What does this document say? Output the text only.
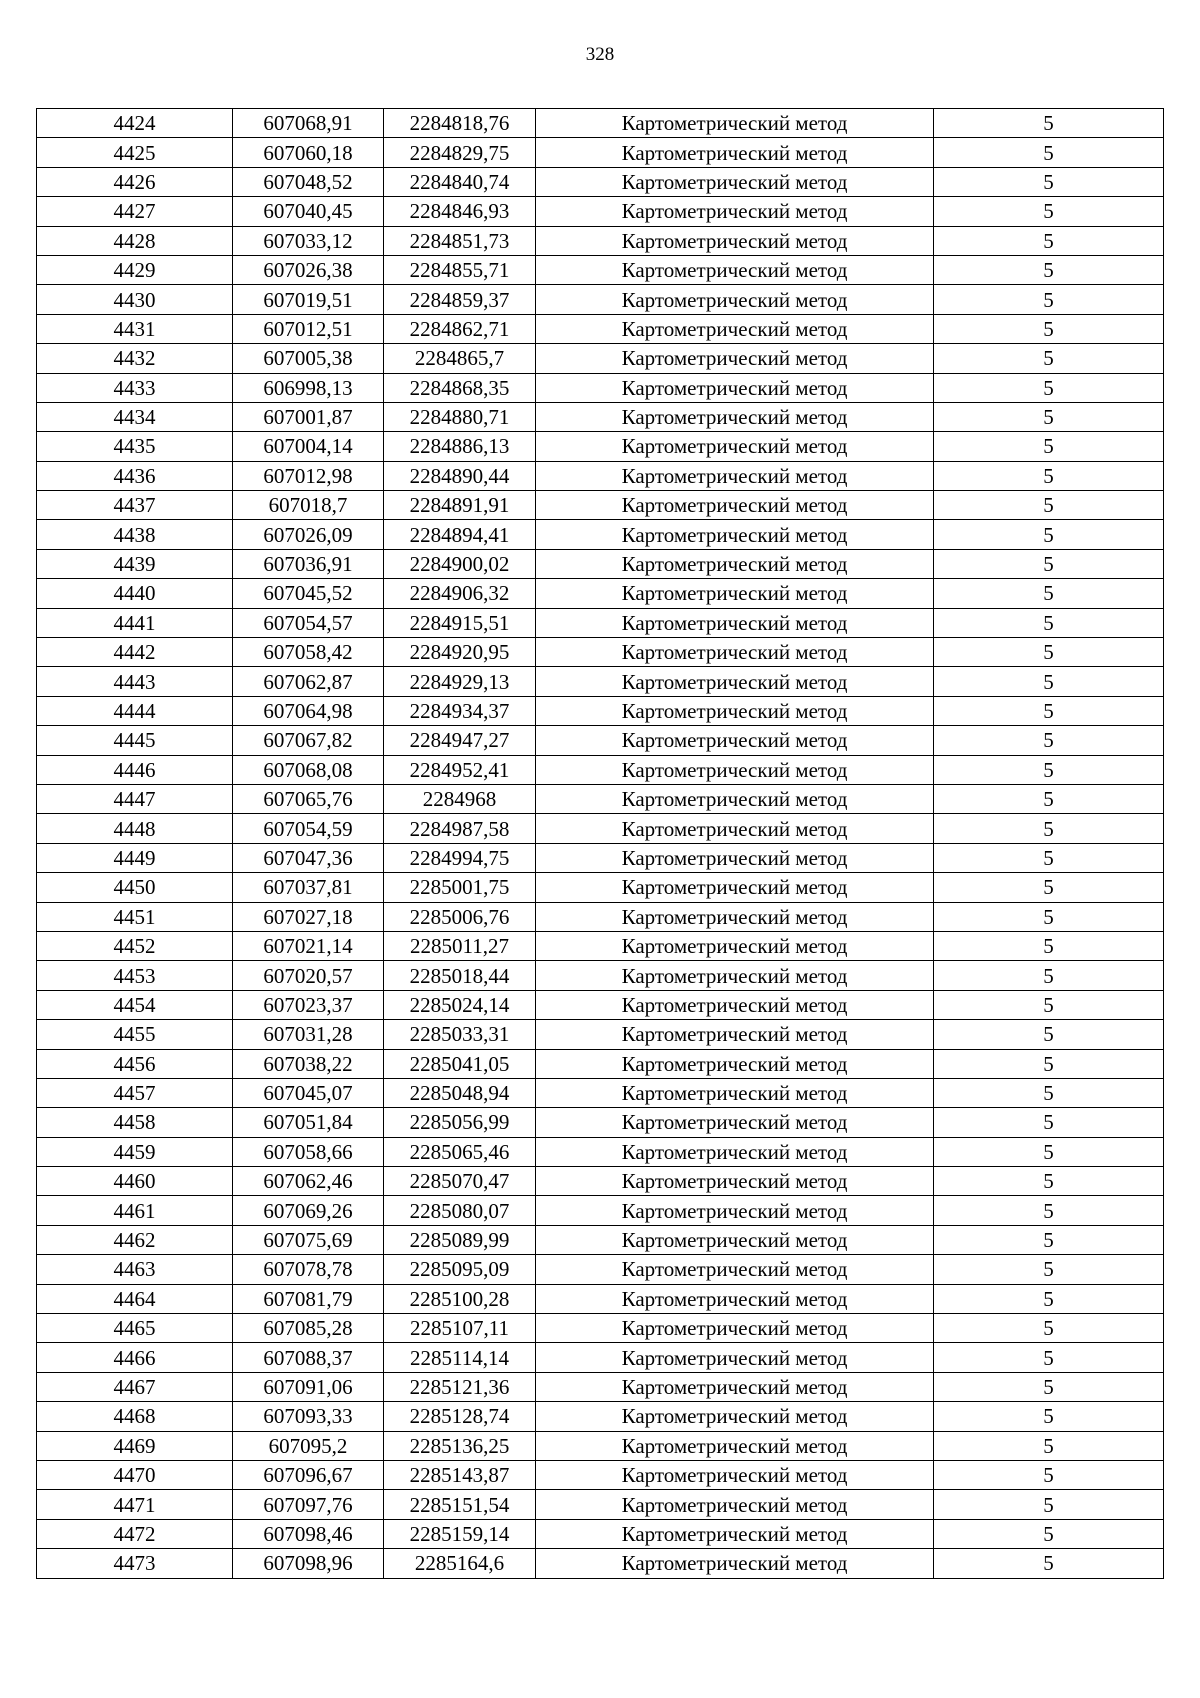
328
4424	607068,91	2284818,76	Картометрический метод	5
4425	607060,18	2284829,75	Картометрический метод	5
4426	607048,52	2284840,74	Картометрический метод	5
4427	607040,45	2284846,93	Картометрический метод	5
4428	607033,12	2284851,73	Картометрический метод	5
4429	607026,38	2284855,71	Картометрический метод	5
4430	607019,51	2284859,37	Картометрический метод	5
4431	607012,51	2284862,71	Картометрический метод	5
4432	607005,38	2284865,7	Картометрический метод	5
4433	606998,13	2284868,35	Картометрический метод	5
4434	607001,87	2284880,71	Картометрический метод	5
4435	607004,14	2284886,13	Картометрический метод	5
4436	607012,98	2284890,44	Картометрический метод	5
4437	607018,7	2284891,91	Картометрический метод	5
4438	607026,09	2284894,41	Картометрический метод	5
4439	607036,91	2284900,02	Картометрический метод	5
4440	607045,52	2284906,32	Картометрический метод	5
4441	607054,57	2284915,51	Картометрический метод	5
4442	607058,42	2284920,95	Картометрический метод	5
4443	607062,87	2284929,13	Картометрический метод	5
4444	607064,98	2284934,37	Картометрический метод	5
4445	607067,82	2284947,27	Картометрический метод	5
4446	607068,08	2284952,41	Картометрический метод	5
4447	607065,76	2284968	Картометрический метод	5
4448	607054,59	2284987,58	Картометрический метод	5
4449	607047,36	2284994,75	Картометрический метод	5
4450	607037,81	2285001,75	Картометрический метод	5
4451	607027,18	2285006,76	Картометрический метод	5
4452	607021,14	2285011,27	Картометрический метод	5
4453	607020,57	2285018,44	Картометрический метод	5
4454	607023,37	2285024,14	Картометрический метод	5
4455	607031,28	2285033,31	Картометрический метод	5
4456	607038,22	2285041,05	Картометрический метод	5
4457	607045,07	2285048,94	Картометрический метод	5
4458	607051,84	2285056,99	Картометрический метод	5
4459	607058,66	2285065,46	Картометрический метод	5
4460	607062,46	2285070,47	Картометрический метод	5
4461	607069,26	2285080,07	Картометрический метод	5
4462	607075,69	2285089,99	Картометрический метод	5
4463	607078,78	2285095,09	Картометрический метод	5
4464	607081,79	2285100,28	Картометрический метод	5
4465	607085,28	2285107,11	Картометрический метод	5
4466	607088,37	2285114,14	Картометрический метод	5
4467	607091,06	2285121,36	Картометрический метод	5
4468	607093,33	2285128,74	Картометрический метод	5
4469	607095,2	2285136,25	Картометрический метод	5
4470	607096,67	2285143,87	Картометрический метод	5
4471	607097,76	2285151,54	Картометрический метод	5
4472	607098,46	2285159,14	Картометрический метод	5
4473	607098,96	2285164,6	Картометрический метод	5
